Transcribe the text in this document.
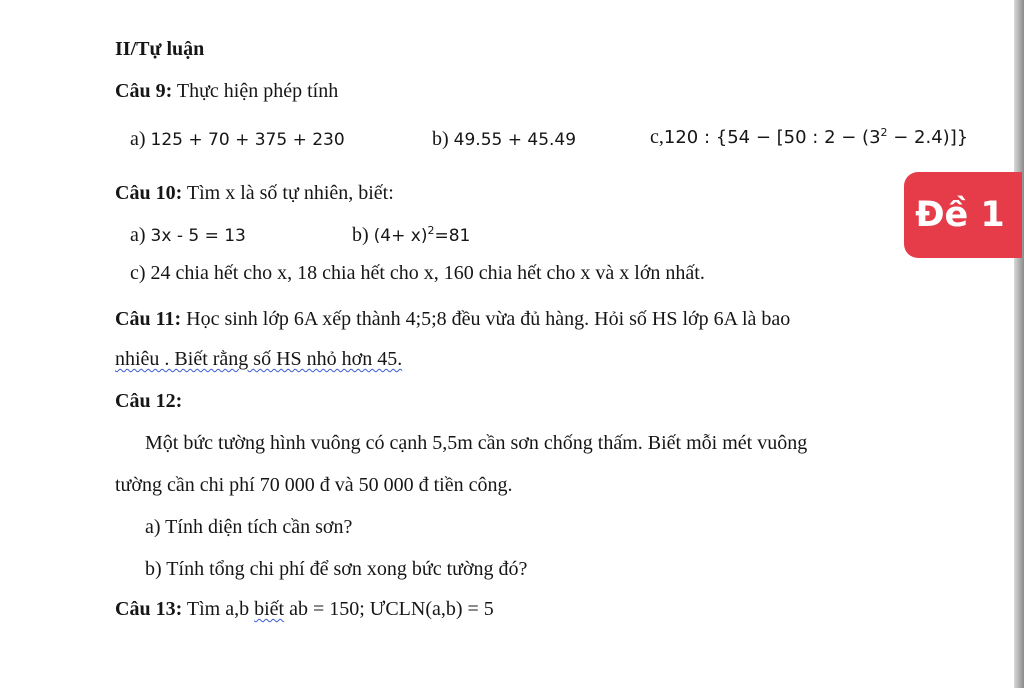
II/Tự luận
Câu 9: Thực hiện phép tính
a) 125 + 70 + 375 + 230	b) 49.55 + 45.49	c,120 : {54 − [50 : $2 - (3^2 - 2.4)$]}
Câu 10: Tìm x là số tự nhiên, biết:
a) 3x - 5 = 13	b) $(4+ x)^2=81$
c) 24 chia hết cho x, 18 chia hết cho x, 160 chia hết cho x và x lớn nhất.
Đề 1
Câu 11: Học sinh lớp 6A xếp thành 4;5;8 đều vừa đủ hàng. Hỏi số HS lớp 6A là bao
nhiêu . Biết rằng số HS nhỏ hơn 45.
Câu 12:
Một bức tường hình vuông có cạnh 5,5m cần sơn chống thấm. Biết mỗi mét vuông
tường cần chi phí 70 000 đ và 50 000 đ tiền công.
a) Tính diện tích cần sơn?
b) Tính tổng chi phí để sơn xong bức tường đó?
Câu 13: Tìm a,b biết ab = 150; ƯCLN(a,b) = 5
